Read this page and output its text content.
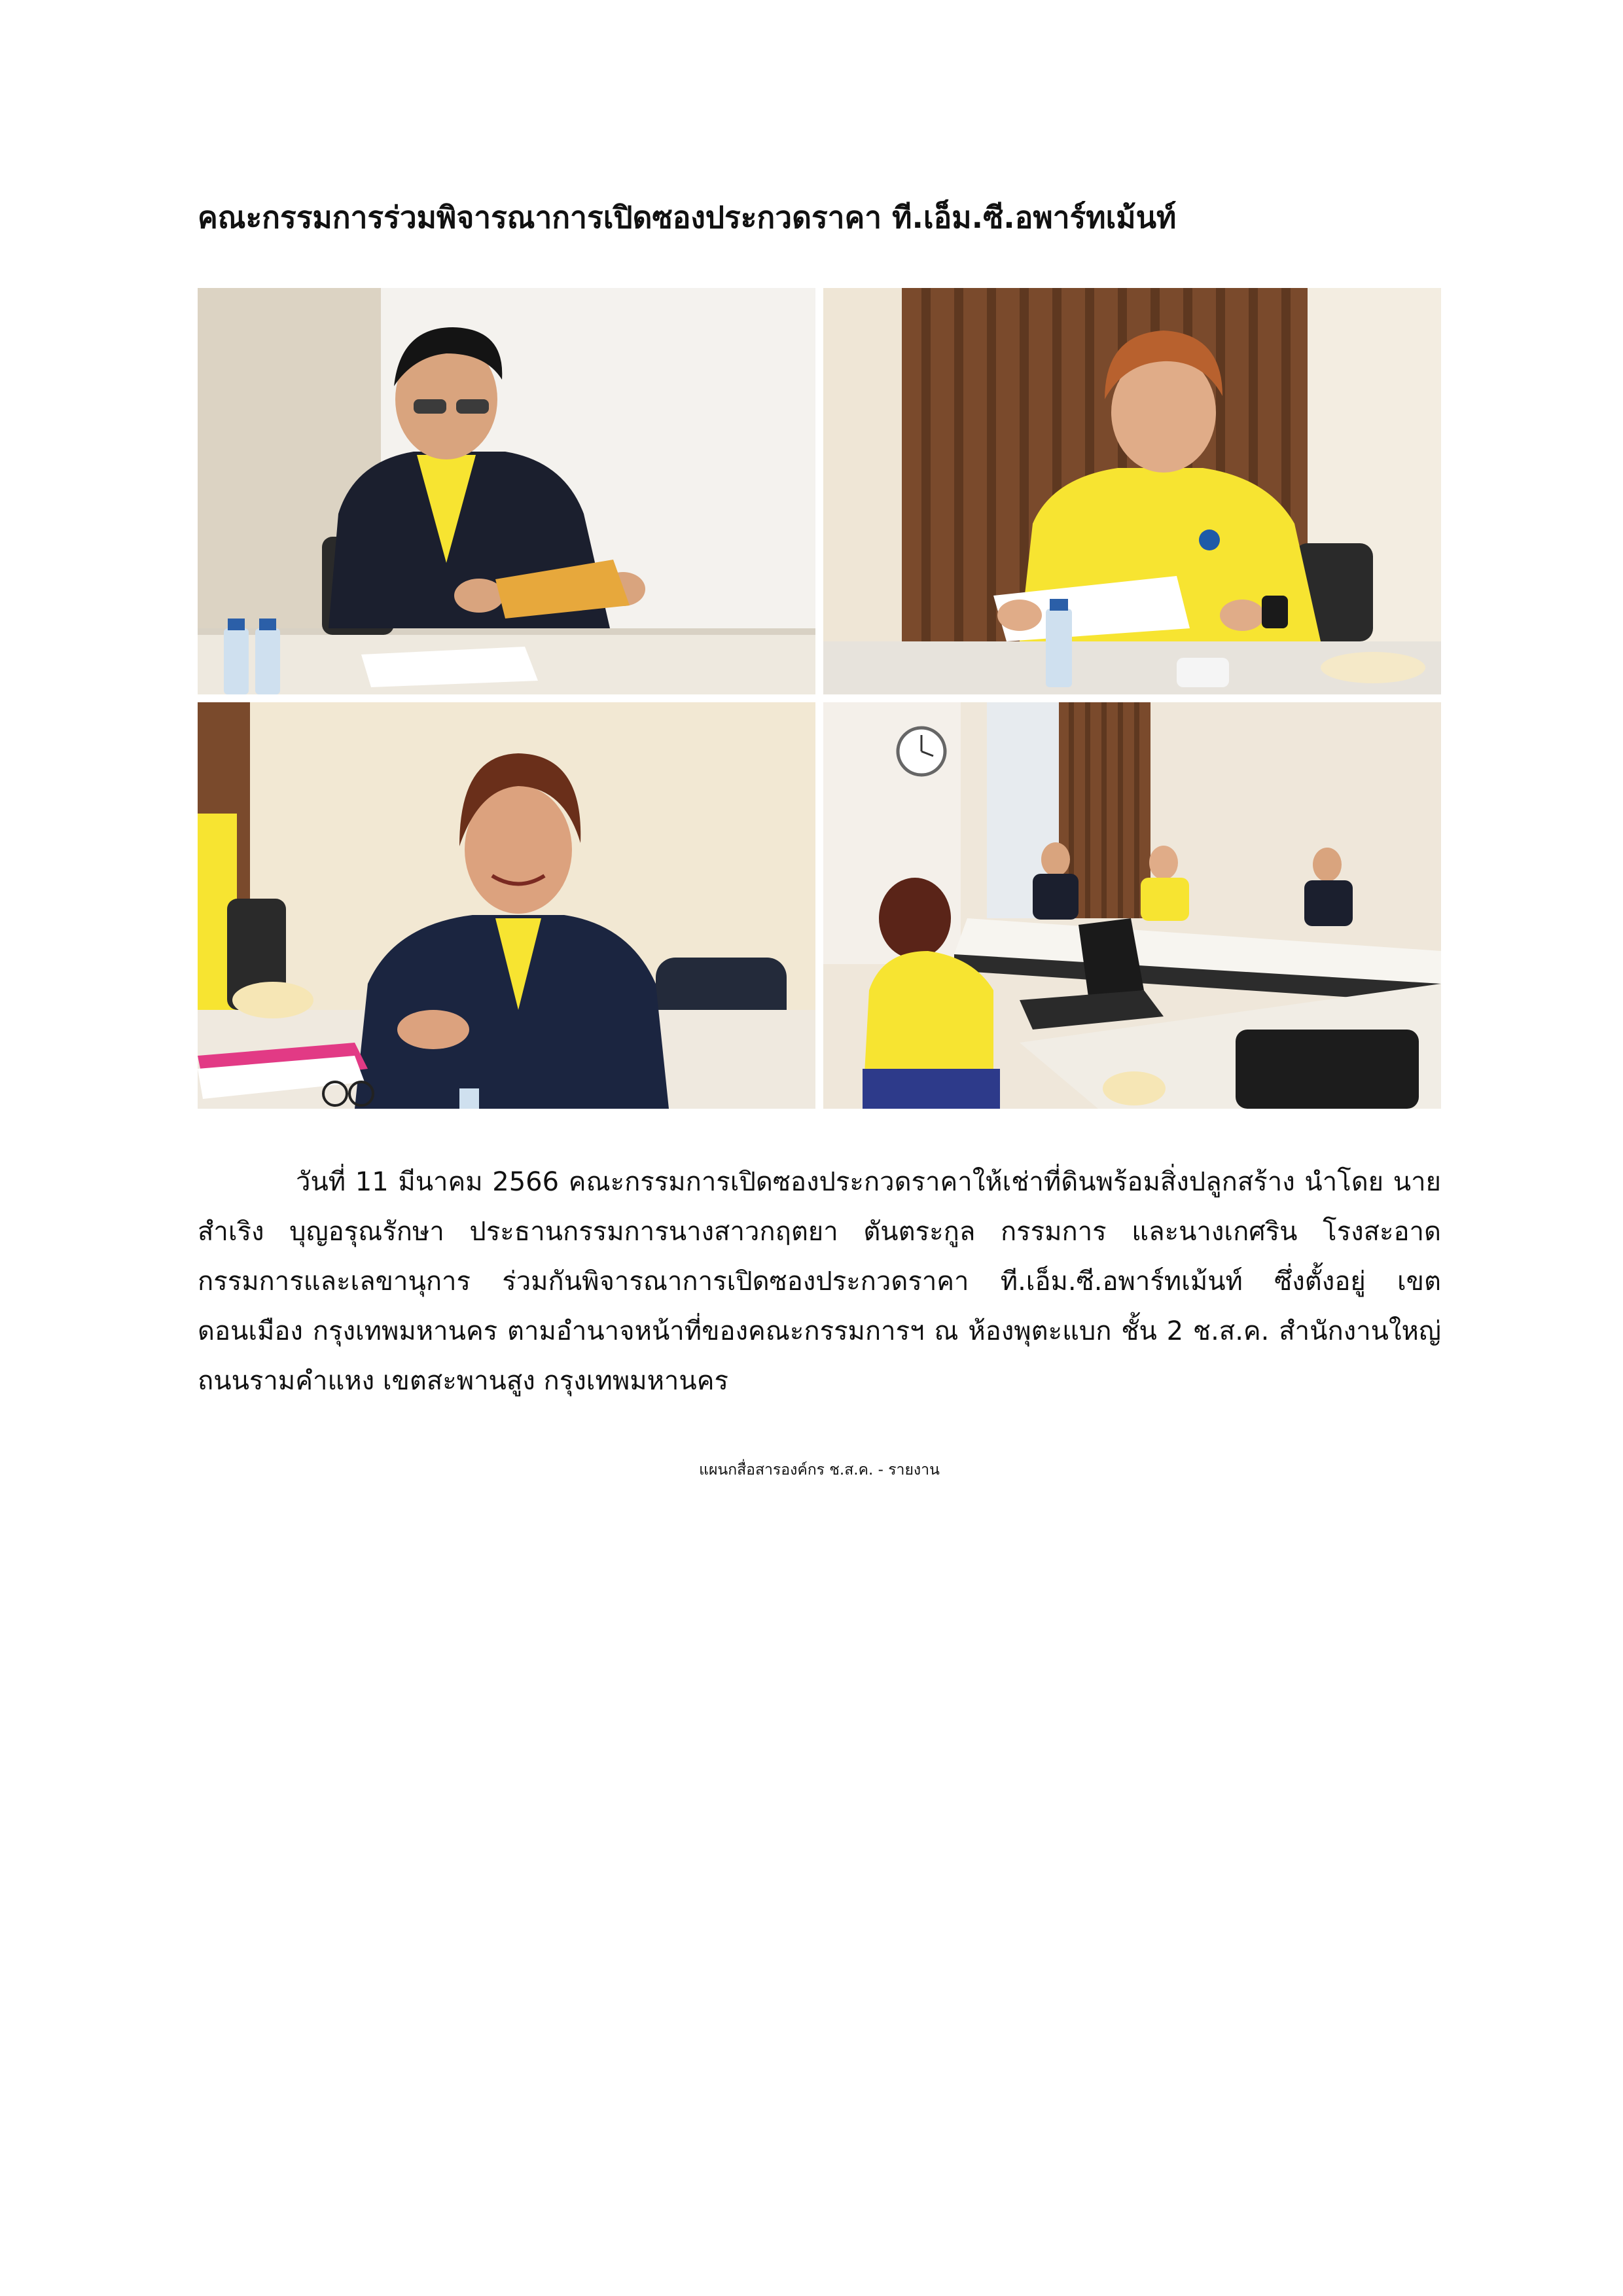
คณะกรรมการร่วมพิจารณาการเปิดซองประกวดราคา ที.เอ็ม.ซี.อพาร์ทเม้นท์
วันที่ 11 มีนาคม 2566 คณะกรรมการเปิดซองประกวดราคาให้เช่าที่ดินพร้อมสิ่งปลูกสร้าง นำโดย นายสำเริง บุญอรุณรักษา ประธานกรรมการนางสาวกฤตยา ตันตระกูล กรรมการ และนางเกศริน โรงสะอาด กรรมการและเลขานุการ ร่วมกันพิจารณาการเปิดซองประกวดราคา ที.เอ็ม.ซี.อพาร์ทเม้นท์ ซึ่งตั้งอยู่ เขตดอนเมือง กรุงเทพมหานคร ตามอำนาจหน้าที่ของคณะกรรมการฯ ณ ห้องพุตะแบก ชั้น 2 ช.ส.ค. สำนักงานใหญ่ ถนนรามคำแหง เขตสะพานสูง กรุงเทพมหานคร
แผนกสื่อสารองค์กร ช.ส.ค. - รายงาน
